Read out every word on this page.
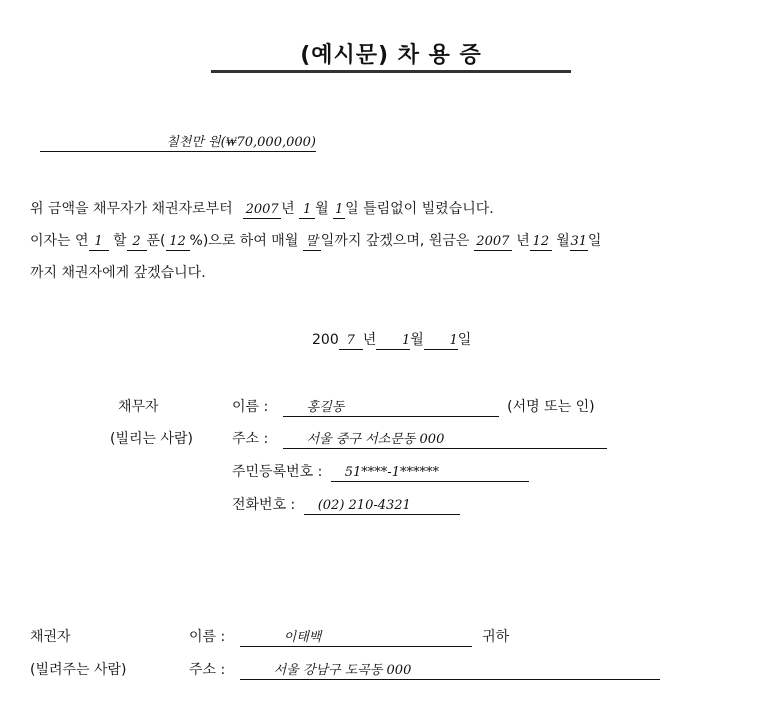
(예시문) 차 용 증
칠천만 원(₩70,000,000)
위 금액을 채무자가 채권자로부터 2007 년 1 월 1 일 틀림없이 빌렸습니다.
이자는 연 1 할 2 푼( 12 %)으로 하여 매월 말 일까지 갚겠으며, 원금은 2007 년 12 월31일
까지 채권자에게 갚겠습니다.
200 7 년 1월 1일
채무자
(빌리는 사람)
이름 :	홍길동	(서명 또는 인)
주소 :	서울 중구 서소문동 000
주민등록번호 : 51****-1******
전화번호 : (02) 210-4321
채권자
(빌려주는 사람)
이름 :	이태백	귀하
주소 :	서울 강남구 도곡동 000
